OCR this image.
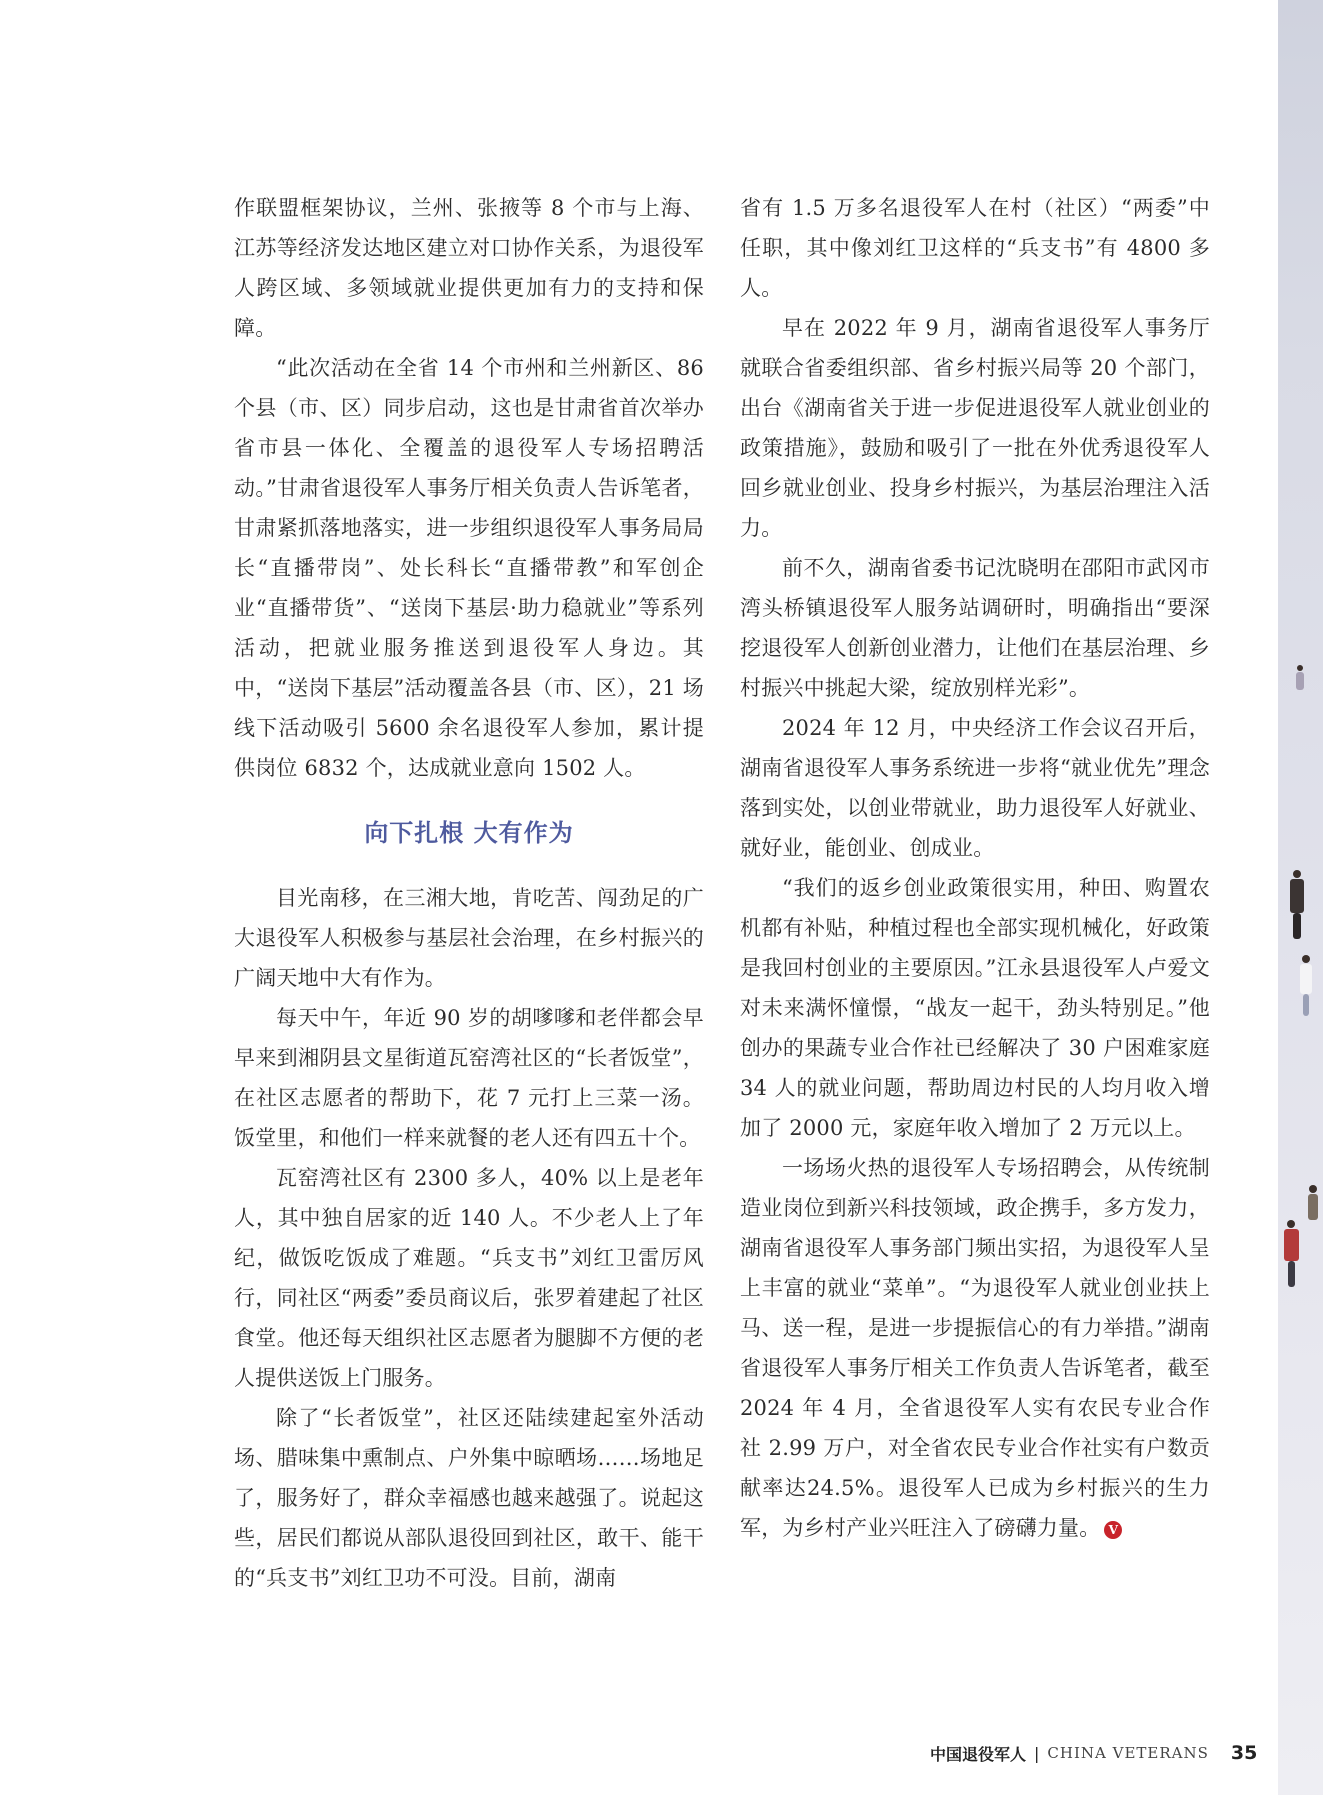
作联盟框架协议，兰州、张掖等 8 个市与上海、江苏等经济发达地区建立对口协作关系，为退役军人跨区域、多领域就业提供更加有力的支持和保障。

“此次活动在全省 14 个市州和兰州新区、86 个县（市、区）同步启动，这也是甘肃省首次举办省市县一体化、全覆盖的退役军人专场招聘活动。”甘肃省退役军人事务厅相关负责人告诉笔者，甘肃紧抓落地落实，进一步组织退役军人事务局局长“直播带岗”、处长科长“直播带教”和军创企业“直播带货”、“送岗下基层·助力稳就业”等系列活动，把就业服务推送到退役军人身边。其中，“送岗下基层”活动覆盖各县（市、区），21 场线下活动吸引 5600 余名退役军人参加，累计提供岗位 6832 个，达成就业意向 1502 人。

向下扎根 大有作为

目光南移，在三湘大地，肯吃苦、闯劲足的广大退役军人积极参与基层社会治理，在乡村振兴的广阔天地中大有作为。

每天中午，年近 90 岁的胡嗲嗲和老伴都会早早来到湘阴县文星街道瓦窑湾社区的“长者饭堂”，在社区志愿者的帮助下，花 7 元打上三菜一汤。饭堂里，和他们一样来就餐的老人还有四五十个。

瓦窑湾社区有 2300 多人，40% 以上是老年人，其中独自居家的近 140 人。不少老人上了年纪，做饭吃饭成了难题。“兵支书”刘红卫雷厉风行，同社区“两委”委员商议后，张罗着建起了社区食堂。他还每天组织社区志愿者为腿脚不方便的老人提供送饭上门服务。

除了“长者饭堂”，社区还陆续建起室外活动场、腊味集中熏制点、户外集中晾晒场……场地足了，服务好了，群众幸福感也越来越强了。说起这些，居民们都说从部队退役回到社区，敢干、能干的“兵支书”刘红卫功不可没。目前，湖南

省有 1.5 万多名退役军人在村（社区）“两委”中任职，其中像刘红卫这样的“兵支书”有 4800 多人。

早在 2022 年 9 月，湖南省退役军人事务厅就联合省委组织部、省乡村振兴局等 20 个部门，出台《湖南省关于进一步促进退役军人就业创业的政策措施》，鼓励和吸引了一批在外优秀退役军人回乡就业创业、投身乡村振兴，为基层治理注入活力。

前不久，湖南省委书记沈晓明在邵阳市武冈市湾头桥镇退役军人服务站调研时，明确指出“要深挖退役军人创新创业潜力，让他们在基层治理、乡村振兴中挑起大梁，绽放别样光彩”。

2024 年 12 月，中央经济工作会议召开后，湖南省退役军人事务系统进一步将“就业优先”理念落到实处，以创业带就业，助力退役军人好就业、就好业，能创业、创成业。

“我们的返乡创业政策很实用，种田、购置农机都有补贴，种植过程也全部实现机械化，好政策是我回村创业的主要原因。”江永县退役军人卢爱文对未来满怀憧憬，“战友一起干，劲头特别足。”他创办的果蔬专业合作社已经解决了 30 户困难家庭 34 人的就业问题，帮助周边村民的人均月收入增加了 2000 元，家庭年收入增加了 2 万元以上。

一场场火热的退役军人专场招聘会，从传统制造业岗位到新兴科技领域，政企携手，多方发力，湖南省退役军人事务部门频出实招，为退役军人呈上丰富的就业“菜单”。“为退役军人就业创业扶上马、送一程，是进一步提振信心的有力举措。”湖南省退役军人事务厅相关工作负责人告诉笔者，截至 2024 年 4 月，全省退役军人实有农民专业合作社 2.99 万户，对全省农民专业合作社实有户数贡献率达24.5%。退役军人已成为乡村振兴的生力军，为乡村产业兴旺注入了磅礴力量。 V

中国退役军人 | CHINA VETERANS 35
